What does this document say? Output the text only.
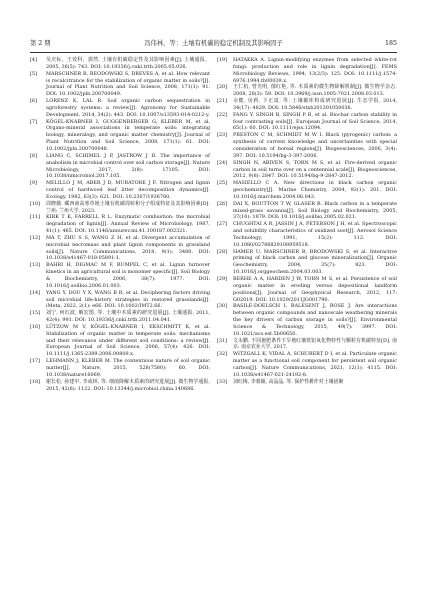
第 2 期	冯伟林，等：土壤有机碳的稳定机制及其影响因子	185
[4] 吴庆标，王效科，郭然. 土壤有机碳稳定性及其影响因素[J]. 土壤通报，2005, 36(5): 743. DOI: 10.19336/j.cnki.trtb.2005.05.026.
[5] MARSCHNER B, BEODOWSKI S, DREVES A, et al. How relevant is recalcitrance for the stabilization of organic matter in soils?[J]. Journal of Plant Nutrition and Soil Science, 2008, 171(1): 91. DOI: 10.1002/jpln.200700049.
[6] LORENZ K, LAL R. Soil organic carbon sequestration in agroforestry systems: a review[J]. Agronomy for Sustainable Development, 2014, 34(2): 443. DOI: 10.1007/s13593-014-0212-y.
[7] KÖGEL-KNABNER I, GUGGENBERGER G, KLEBER M, et al. Organo-mineral associations in temperate soils: integrating biology, mineralogy, and organic matter chemistry[J]. Journal of Plant Nutrition and Soil Science, 2008, 171(1): 61. DOI: 10.1002/jpln.200700048.
[8] LIANG C, SCHIMEL J P, JASTROW J D. The importance of anabolism in microbial control over soil carbon storage[J]. Nature Microbiology, 2017, 2(8): 17105. DOI: 10.1038/nmicrobiol.2017.105.
[9] MELILLO J M, ABER J D, MURATORE J F. Nitrogen and lignin control of hardwood leaf litter decomposition dynamics[J]. Ecology, 1982, 63(3): 621. DOI: 10.2307/1936780.
[10] 周晓薇. 藏西南高寒草地土壤有机碳周转和分子组成特征及其影响因素[D]. 兰州: 兰州大学, 2023.
[11] KIRK T K, FARRELL R L. Enzymatic combustion: the microbial degradation of lignin[J]. Annual Review of Microbiology, 1987, 41(1): 465. DOI: 10.1146/annurev.mi.41.100187.002321.
[12] MA T, ZHU S S, WANG Z H, et al. Divergent accumulation of microbial necromass and plant lignin components in grassland soils[J]. Nature Communications, 2018, 9(1): 3480. DOI: 10.1038/s41467-018-05891-1.
[13] BAHRI H, DIGMAC M F, RUMPEL C, et al. Lignin turnover kinetics in an agricultural soil is monomer specific[J]. Soil Biology & Biochemistry, 2006, 38(7): 1977. DOI: 10.1016/j.soilbio.2006.01.003.
[14] YANG Y, DOU Y X, WANG B R, et al. Deciphering factors driving soil microbial life-history strategies in restored grasslands[J]. iMeta, 2022, 2(1): e66. DOI: 10.1002/IMT2.66.
[15] 刘宁, 何红波, 解宏图, 等. 土壤中木质素的研究进展[J]. 土壤通报, 2011, 42(4): 991. DOI: 10.19336/j.cnki.trtb.2011.04.041.
[16] LÜTZOW M V, KÖGEL-KNABNER I, EKSCHMITT K, et al. Stabilization of organic matter in temperate soils: mechanisms and their relevance under different soil conditions: a review[J]. European Journal of Soil Science, 2006, 57(4): 426. DOI: 10.1111/j.1365-2389.2006.00809.x.
[17] LEHMANN J, KLEBER M. The contentious nature of soil organic matter[J]. Nature, 2015, 528(7580): 60. DOI: 10.1038/nature16069.
[18] 谢长松, 孙建中, 李成林, 等. 细菌降解木质素的研究进展[J]. 微生物学通报, 2015, 42(6): 1122. DOI: 10.13344/j.microbiol.china.140686.
[19] HATAKKA A. Lignin-modifying enzymes from selected white-rot fungi: production and role in lignin degradation[J]. FEMS Microbiology Reviews, 1994, 13(2/3): 125. DOI: 10.1111/j.1574-6976.1994.tb00039.x.
[20] 王仁杭, 曾光明, 郁红艳, 等. 木质素的微生物降解机制[J]. 微生物学杂志, 2008, 28(3): 59. DOI: 10.3969/j.issn.1005-7021.2008.03.013.
[21] 余健, 房莉, 卞正富, 等. 土壤碳库构成研究进展[J]. 生态学报, 2014, 34(17): 4829. DOI: 10.5846/stxb201301050036.
[22] FANG Y, SINGH B, SINGH P B, et al. Biochar carbon stability in four contrasting soils[J]. European Journal of Soil Science, 2014, 65(1): 60. DOI: 10.1111/ejss.12094.
[23] PRESTON C M, SCHMIDT M W I. Black (pyrogenic) carbon: a synthesis of current knowledge and uncertainties with special consideration of boreal regions[J]. Biogeosciences, 2006, 3(4): 397. DOI: 10.5194/bg-3-397-2006.
[24] SINGH N, ABIVEN S, TORN M S, et al. Fire-derived organic carbon in soil turns over on a centennial scale[J]. Biogeosciences, 2012, 9(8): 2847. DOI: 10.5194/bg-9-2847-2012.
[25] MASIELLO C A. New directions in black carbon organic geochemistry[J]. Marine Chemistry, 2004, 92(1): 201. DOI: 10.1016/j.marchem.2004.06.043.
[26] DAI X, BOUTTON T W, GLASER B. Black carbon in a temperate mixed-grass savanna[J]. Soil Biology and Biochemistry, 2005, 37(10): 1879. DOI: 10.1016/j.soilbio.2005.02.021.
[27] CHUGHTAI A R, JASSIN J A, PETERSON J H, et al. Spectroscopic and solubility characteristics of oxidized soot[J]. Aerosol Science Technology, 1991, 15(2): 112. DOI: 10.1080/02786829108959518.
[28] HAMER U, MARSCHNER B, BRODOWSKI S, et al. Interactive priming of black carbon and glucose mineralization[J]. Organic Geochemistry, 2004, 35(7): 823. DOI: 10.1016/j.orggeochem.2004.03.003.
[29] BERHE A A, HARDEN J W, TORN M S, et al. Persistence of soil organic matter in eroding versus depositional landform positions[J]. Journal of Geophysical Research, 2012, 117: G02019. DOI: 10.1029/2011JG001790.
[30] BASILE-DOELSCH I, BALESENT J, ROSE J. Are interactions between organic compounds and nanoscale weathering minerals the key drivers of carbon storage in soils?[J]. Environmental Science & Technology, 2015, 49(7): 3997. DOI: 10.1021/acs.est.5b00650.
[31] 文永鹏. 不同施肥条件下旱地红壤铁铝氧化物特性与颗粒有机碳特征[D]. 南京: 南京农业大学, 2017.
[32] WITZGALL K, VIDAL A, SCHUBERT D I, et al. Particulate organic matter as a functional soil component for persistent soil organic carbon[J]. Nature Communications, 2021, 12(1): 4115. DOI: 10.1038/s41467-021-24192-8.
[33] 刘红梅, 李睿颖, 高晶晶, 等. 保护性耕作对土壤团聚
